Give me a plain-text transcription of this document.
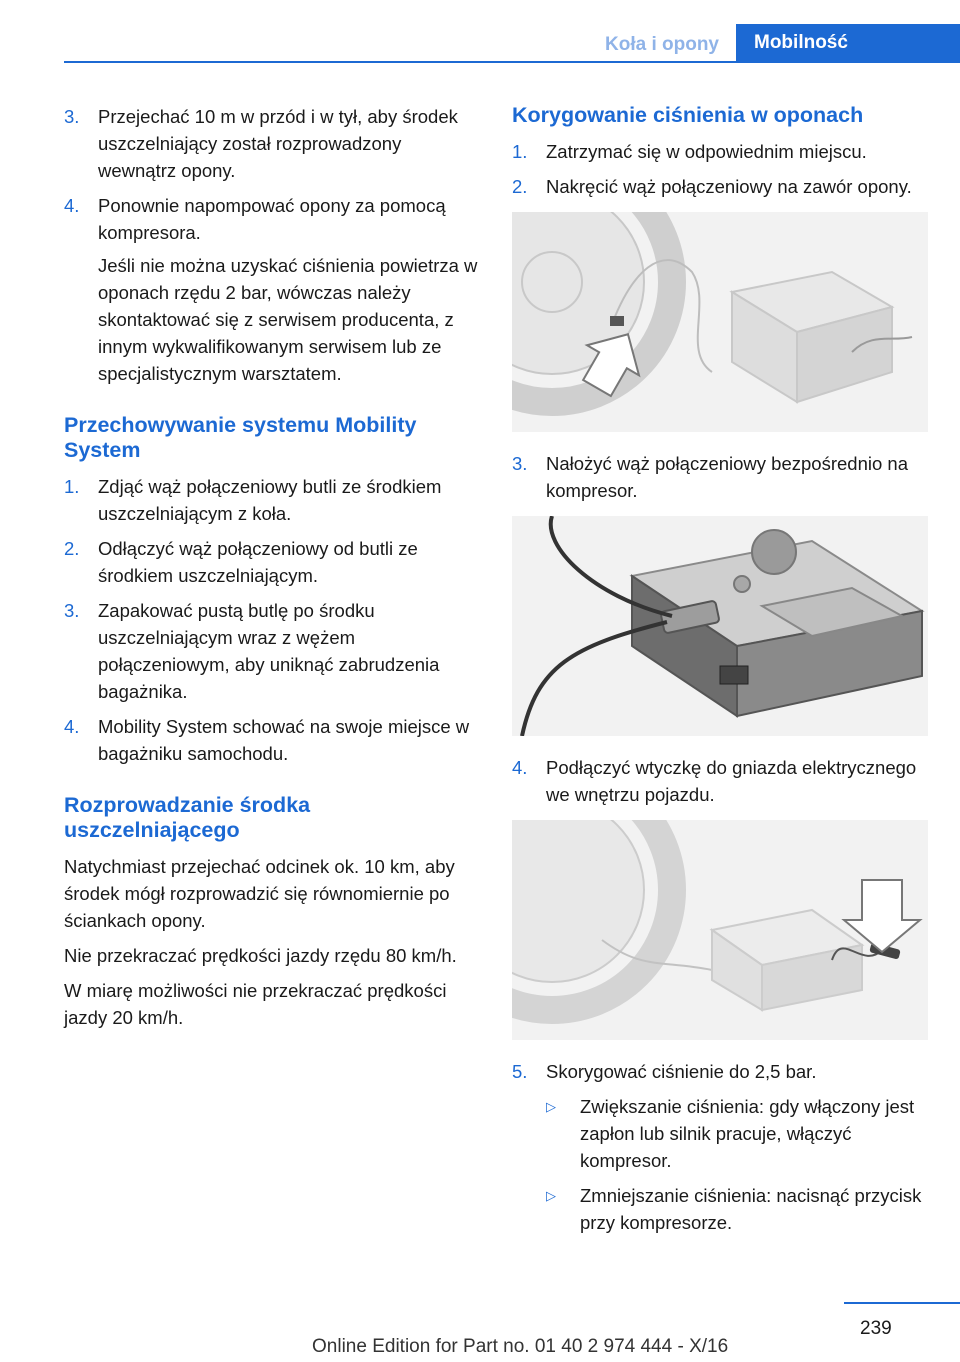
Koła i opony	Mobilność
3.	Przejechać 10 m w przód i w tył, aby środek uszczelniający został rozprowadzony wewnątrz opony.
4.	Ponownie napompować opony za pomocą kompresora.
Jeśli nie można uzyskać ciśnienia powietrza w oponach rzędu 2 bar, wówczas należy skontaktować się z serwisem producenta, z innym wykwalifikowanym serwisem lub ze specjalistycznym warsztatem.
Przechowywanie systemu Mobility System
1.	Zdjąć wąż połączeniowy butli ze środkiem uszczelniającym z koła.
2.	Odłączyć wąż połączeniowy od butli ze środkiem uszczelniającym.
3.	Zapakować pustą butlę po środku uszczelniającym wraz z wężem połączeniowym, aby uniknąć zabrudzenia bagażnika.
4.	Mobility System schować na swoje miejsce w bagażniku samochodu.
Rozprowadzanie środka uszczelniającego
Natychmiast przejechać odcinek ok. 10 km, aby środek mógł rozprowadzić się równomiernie po ściankach opony.
Nie przekraczać prędkości jazdy rzędu 80 km/h.
W miarę możliwości nie przekraczać prędkości jazdy 20 km/h.
Korygowanie ciśnienia w oponach
1.	Zatrzymać się w odpowiednim miejscu.
2.	Nakręcić wąż połączeniowy na zawór opony.
3.	Nałożyć wąż połączeniowy bezpośrednio na kompresor.
4.	Podłączyć wtyczkę do gniazda elektrycznego we wnętrzu pojazdu.
5.	Skorygować ciśnienie do 2,5 bar.
▷	Zwiększanie ciśnienia: gdy włączony jest zapłon lub silnik pracuje, włączyć kompresor.
▷	Zmniejszanie ciśnienia: nacisnąć przycisk przy kompresorze.
239
Online Edition for Part no. 01 40 2 974 444 - X/16
